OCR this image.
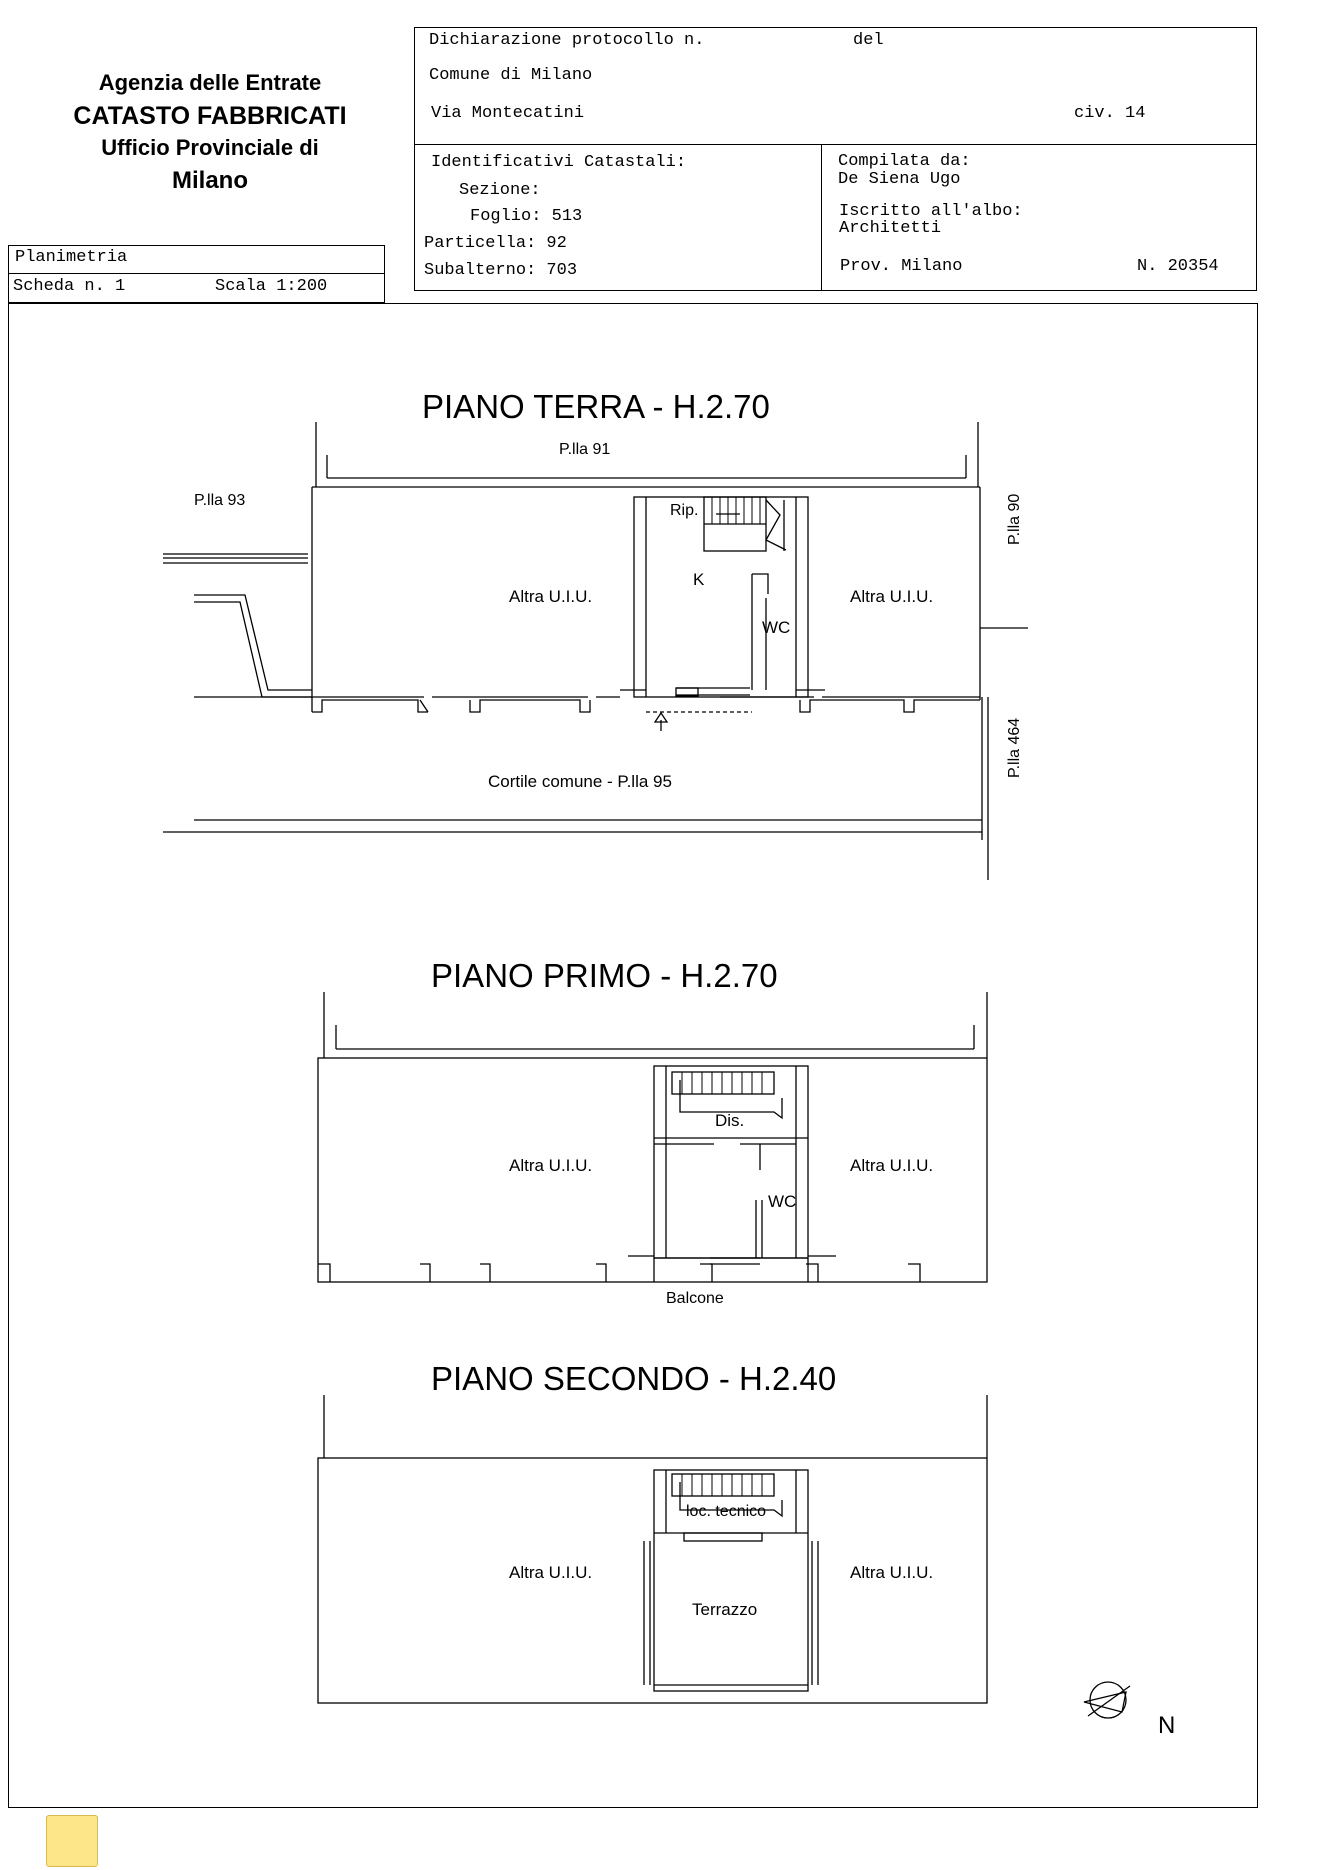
Agenzia delle Entrate
CATASTO FABBRICATI
Ufficio Provinciale di
Milano
Planimetria
Scheda n. 1	Scala 1:200
Dichiarazione protocollo n.	del
Comune di Milano
Via Montecatini	civ. 14
Identificativi Catastali:
Sezione:
Foglio: 513
Particella: 92
Subalterno: 703
Compilata da:
De Siena Ugo
Iscritto all'albo:
Architetti
Prov. Milano	N. 20354
PIANO TERRA - H.2.70
P.lla 91
P.lla 93	P.lla 90
P.lla 464
Altra U.I.U.	Altra U.I.U.
Rip.
K
WC
Cortile comune - P.lla 95
PIANO PRIMO - H.2.70
Altra U.I.U.	Altra U.I.U.
Dis.
WC
Balcone
PIANO SECONDO - H.2.40
Altra U.I.U.	Altra U.I.U.
loc. tecnico
Terrazzo
N
